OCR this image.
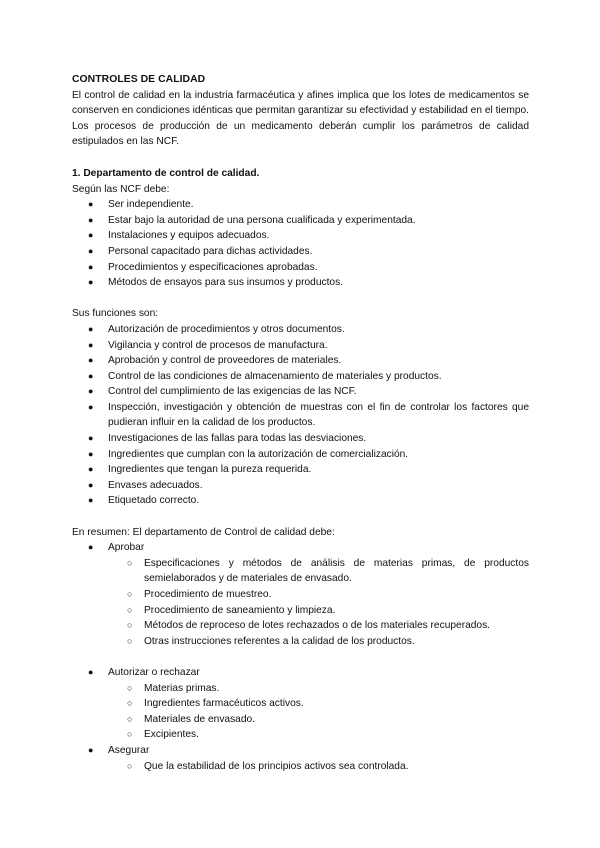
CONTROLES DE CALIDAD

El control de calidad en la industria farmacéutica y afines implica que los lotes de medicamentos se conserven en condiciones idénticas que permitan garantizar su efectividad y estabilidad en el tiempo. Los procesos de producción de un medicamento deberán cumplir los parámetros de calidad estipulados en las NCF.

1. Departamento de control de calidad.

Según las NCF debe:

● Ser independiente.
● Estar bajo la autoridad de una persona cualificada y experimentada.
● Instalaciones y equipos adecuados.
● Personal capacitado para dichas actividades.
● Procedimientos y especificaciones aprobadas.
● Métodos de ensayos para sus insumos y productos.

Sus funciones son:

● Autorización de procedimientos y otros documentos.
● Vigilancia y control de procesos de manufactura.
● Aprobación y control de proveedores de materiales.
● Control de las condiciones de almacenamiento de materiales y productos.
● Control del cumplimiento de las exigencias de las NCF.
● Inspección, investigación y obtención de muestras con el fin de controlar los factores que pudieran influir en la calidad de los productos.
● Investigaciones de las fallas para todas las desviaciones.
● Ingredientes que cumplan con la autorización de comercialización.
● Ingredientes que tengan la pureza requerida.
● Envases adecuados.
● Etiquetado correcto.

En resumen: El departamento de Control de calidad debe:

● Aprobar
○ Especificaciones y métodos de análisis de materias primas, de productos semielaborados y de materiales de envasado.
○ Procedimiento de muestreo.
○ Procedimiento de saneamiento y limpieza.
○ Métodos de reproceso de lotes rechazados o de los materiales recuperados.
○ Otras instrucciones referentes a la calidad de los productos.
● Autorizar o rechazar
○ Materias primas.
○ Ingredientes farmacéuticos activos.
○ Materiales de envasado.
○ Excipientes.
● Asegurar
○ Que la estabilidad de los principios activos sea controlada.
